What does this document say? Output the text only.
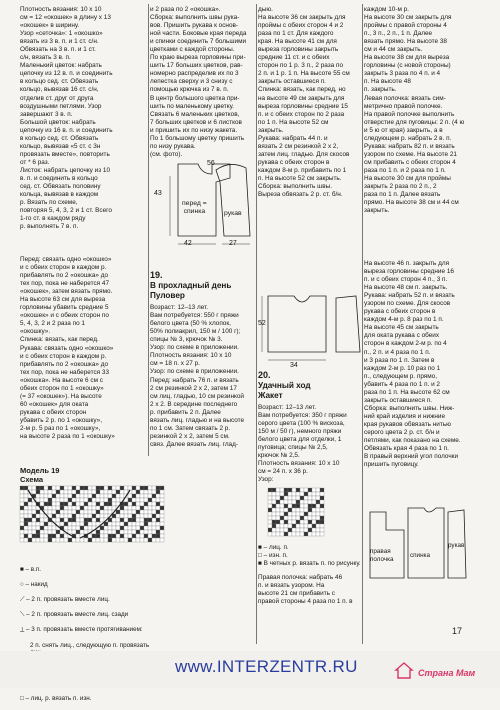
Плотность вязания: 10 x 10
см = 12 «окошек» в длину x 13
«окошек» в ширину.
Узор «сеточка»: 1 «окошко»
вязать из 3 в. п. и 1 ст. с/н.
Обвязать на 3 в. п. и 1 ст.
с/н, вязать 3 в. п.
Маленький цветок: набрать
цепочку из 12 в. п. и соединить
в кольцо сед. ст. Обвязать
кольцо, вывязав 16 ст. с/н,
отделив ст. друг от друга
воздушными петлями. Узор
завершают 3 в. п.
Большой цветок: набрать
цепочку из 16 в. п. и соединить
в кольцо сед. ст. Обвязать
кольцо, вывязав «5 ст. с 3н
провязать вместе», повторить
от * 6 раз.
Листок: набрать цепочку из 10
в. п. и соединить в кольцо
сед. ст. Обвязать половину
кольца, вывязав в каждом
р. Вязать по схеме,
повторяя 5, 4, 3, 2 и 1 ст. Всего
1-го ст. в каждом ряду
р. выполнять 7 в. п.
Перед: связать одно «окошко»
и с обеих сторон в каждом р.
прибавлять по 2 «окошка» до
тех пор, пока не наберется 47
«окошек», затем вязать прямо.
На высоте 63 см для выреза
горловины убавить средние 5
«окошек» и с обеих сторон по
5, 4, 3, 2 и 2 раза по 1
«окошку».
Спинка: вязать, как перед.
Рукава: связать одно «окошко»
и с обеих сторон в каждом р.
прибавлять по 2 «окошка» до
тех пор, пока не наберется 33
«окошка». На высоте 6 см с
обеих сторон по 1 «окошку»
(= 37 «окошек»). На высоте
60 «окошек» для оката
рукава с обеих сторон
убавить 2 р. по 1 «окошку»,
2-м р. 5 раз по 1 «окошку»,
на высоте 2 раза по 1 «окошку»
и 2 раза по 2 «окошка».
Сборка: выполнить швы рука-
вов. Пришить рукава к основ-
ной части. Боковые края переда
и спинки соединить 7 большими
цветками с каждой стороны.
По краю выреза горловины при-
шить 17 больших цветков, рав-
номерно распределив их по 3
лепестка сверху и 3 снизу с
помощью крючка из 7 в. п.
В центр большого цветка при-
шить по маленькому цветку.
Связать 6 маленьких цветков,
7 больших цветков и 6 листков
и пришить их по низу жакета.
По 1 большому цветку пришить
по низу рукава.
(см. фото).
43
56
42	27
перед =
спинка	рукав
19.
В прохладный день
Пуловер
Возраст: 12–13 лет.
Вам потребуется: 550 г пряжи
белого цвета (50 % хлопок,
50% полиакрил, 150 м / 100 г);
спицы № 3, крючок № 3.
Узор: по схеме в приложении.
Плотность вязания: 10 x 10
см = 18 п. x 27 р.
Узор: по схеме в приложении.
Перед: набрать 76 п. и вязать
2 см резинкой 2 x 2, затем 17
см лиц. гладью, 10 см резинкой
2 x 2. В середине последнего
р. прибавить 2 п. Далее
вязать лиц. гладью и на высоте
по 1 см. Затем связать 2 р.
резинкой 2 x 2, затем 5 см.
связ. Далее вязать лиц. глад-
дыю.
На высоте 36 см закрыть для
проймы с обеих сторон 4 и 2
раза по 1 ст. Для каждого
края. На высоте 41 см для
выреза горловины закрыть
средние 11 ст. и с обеих
сторон по 1 р. 3 п., 2 раза по
2 п. и 1 р. 1 п. На высоте 55 см
закрыть оставшиеся п.
Спинка: вязать, как перед, но
на высоте 49 см закрыть для
выреза горловины средние 15
п. и с обеих сторон по 2 раза
по 1 п. На высоте 52 см
закрыть.
Рукава: набрать 44 п. и
вязать 2 см резинкой 2 x 2,
затем лиц. гладью. Для скосов
рукава с обеих сторон в
каждом 8-м р. прибавить по 1
п. На высоте 52 см закрыть.
Сборка: выполнить швы.
Выреза обвязать 2 р. ст. б/н.
52
34
20.
Удачный ход
Жакет
Возраст: 12–13 лет.
Вам потребуется: 350 г пряжи
серого цвета (100 % вискоза,
150 м / 50 г), немного пряжи
белого цвета для отделки, 1
пуговица; спицы № 2,5,
крючок № 2,5.
Плотность вязания: 10 x 10
см = 24 п. x 36 р.
Узор:
■ – лиц. п.
□ – изн. п.
■ В четных р. вязать п. по рисунку.
Правая полочка: набрать 46
п. и вязать узором. На
высоте 21 см прибавить с
правой стороны 4 раза по 1 п. в
каждом 10-м р.
На высоте 30 см закрыть для
проймы с правой стороны 4
п., 3 п., 2 п., 1 п. Далее
вязать прямо. На высоте 38
см и 44 см закрыть.
На высоте 38 см для выреза
горловины (с новой стороны)
закрыть 3 раза по 4 п. и 4
п. На высоте 48
п. закрыть.
Левая полочка: вязать сим-
метрично правой полочке.
На правой полочке выполнить
отверстие для пуговицы: 2 п. (4 ю
и 5 ю от края) закрыть, а в
следующем р. набрать 2 в. п.
Рукава: набрать 82 п. и вязать
узором по схеме. На высоте 21
см прибавить с обеих сторон 4
раза по 1 п. и 2 раза по 1 п.
На высоте 30 см для проймы
закрыть 2 раза по 2 п., 2
раза по 1 п. Далее вязать
прямо. На высоте 38 см и 44 см
закрыть.
На высоте 46 п. закрыть для
выреза горловины средние 16
п. и с обеих сторон 4 п., 3 п.
На высоте 48 см п. закрыть.
Рукава: набрать 52 п. и вязать
узором по схеме. Для скосов
рукава с обеих сторон в
каждом 4-м р. 8 раз по 1 п.
На высоте 45 см закрыть
для оката рукава с обеих
сторон в каждом 2-м р. по 4
п., 2 п. и 4 раза по 1 п.
и 3 раза по 1 п. Затем в
каждом 2-м р. 10 раз по 1
п., следующем р. прямо,
убавить 4 раза по 1 п. и 2
раза по 1 п. На высоте 62 см
закрыть оставшиеся п.
Сборка: выполнить швы. Ниж-
ний край изделия и нижние
края рукавов обвязать нитью
серого цвета 2 р. ст. б/н и
петлями, как показано на схеме.
Обвязать края 4 раза по 1 п.
В правый верхний угол полочки
пришить пуговицу.
правая
полочка	спинка
рукав
Модель 19
Схема

■ – в.п.

○ – накид

⟋ – 2 п. провязать вместе лиц.

⟍ – 2 п. провязать вместе лиц. сзади

⟂ – 3 п. провязать вместе протягиванием:

2 п. снять лиц., следующую п. провязать

□ – лиц. р. вязать п. изн.

17
www.INTERZENTR.RU	Страна Мам
